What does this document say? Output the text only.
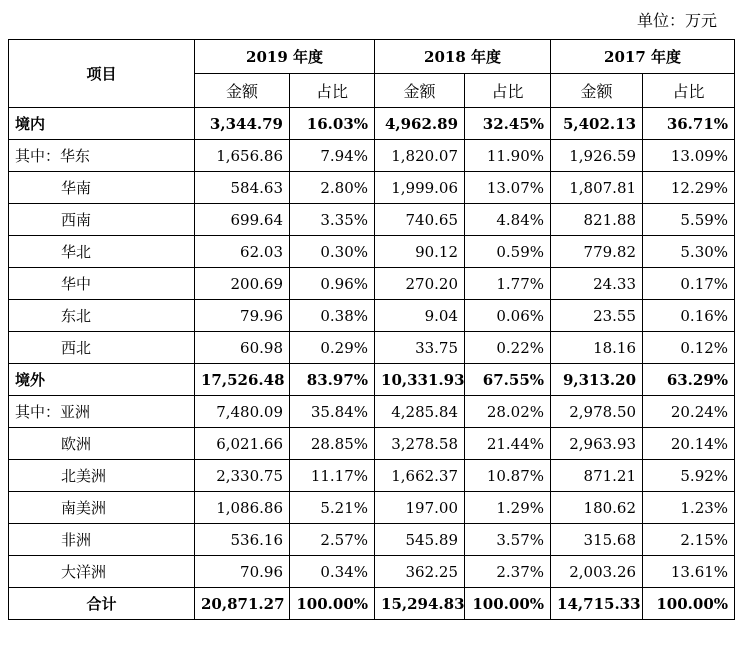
单位：万元
项目	2019 年度		2018 年度		2017 年度	
	金额	占比	金额	占比	金额	占比
境内	3,344.79	16.03%	4,962.89	32.45%	5,402.13	36.71%
其中：华东	1,656.86	7.94%	1,820.07	11.90%	1,926.59	13.09%
华南	584.63	2.80%	1,999.06	13.07%	1,807.81	12.29%
西南	699.64	3.35%	740.65	4.84%	821.88	5.59%
华北	62.03	0.30%	90.12	0.59%	779.82	5.30%
华中	200.69	0.96%	270.20	1.77%	24.33	0.17%
东北	79.96	0.38%	9.04	0.06%	23.55	0.16%
西北	60.98	0.29%	33.75	0.22%	18.16	0.12%
境外	17,526.48	83.97%	10,331.93	67.55%	9,313.20	63.29%
其中：亚洲	7,480.09	35.84%	4,285.84	28.02%	2,978.50	20.24%
欧洲	6,021.66	28.85%	3,278.58	21.44%	2,963.93	20.14%
北美洲	2,330.75	11.17%	1,662.37	10.87%	871.21	5.92%
南美洲	1,086.86	5.21%	197.00	1.29%	180.62	1.23%
非洲	536.16	2.57%	545.89	3.57%	315.68	2.15%
大洋洲	70.96	0.34%	362.25	2.37%	2,003.26	13.61%
合计	20,871.27	100.00%	15,294.83	100.00%	14,715.33	100.00%
